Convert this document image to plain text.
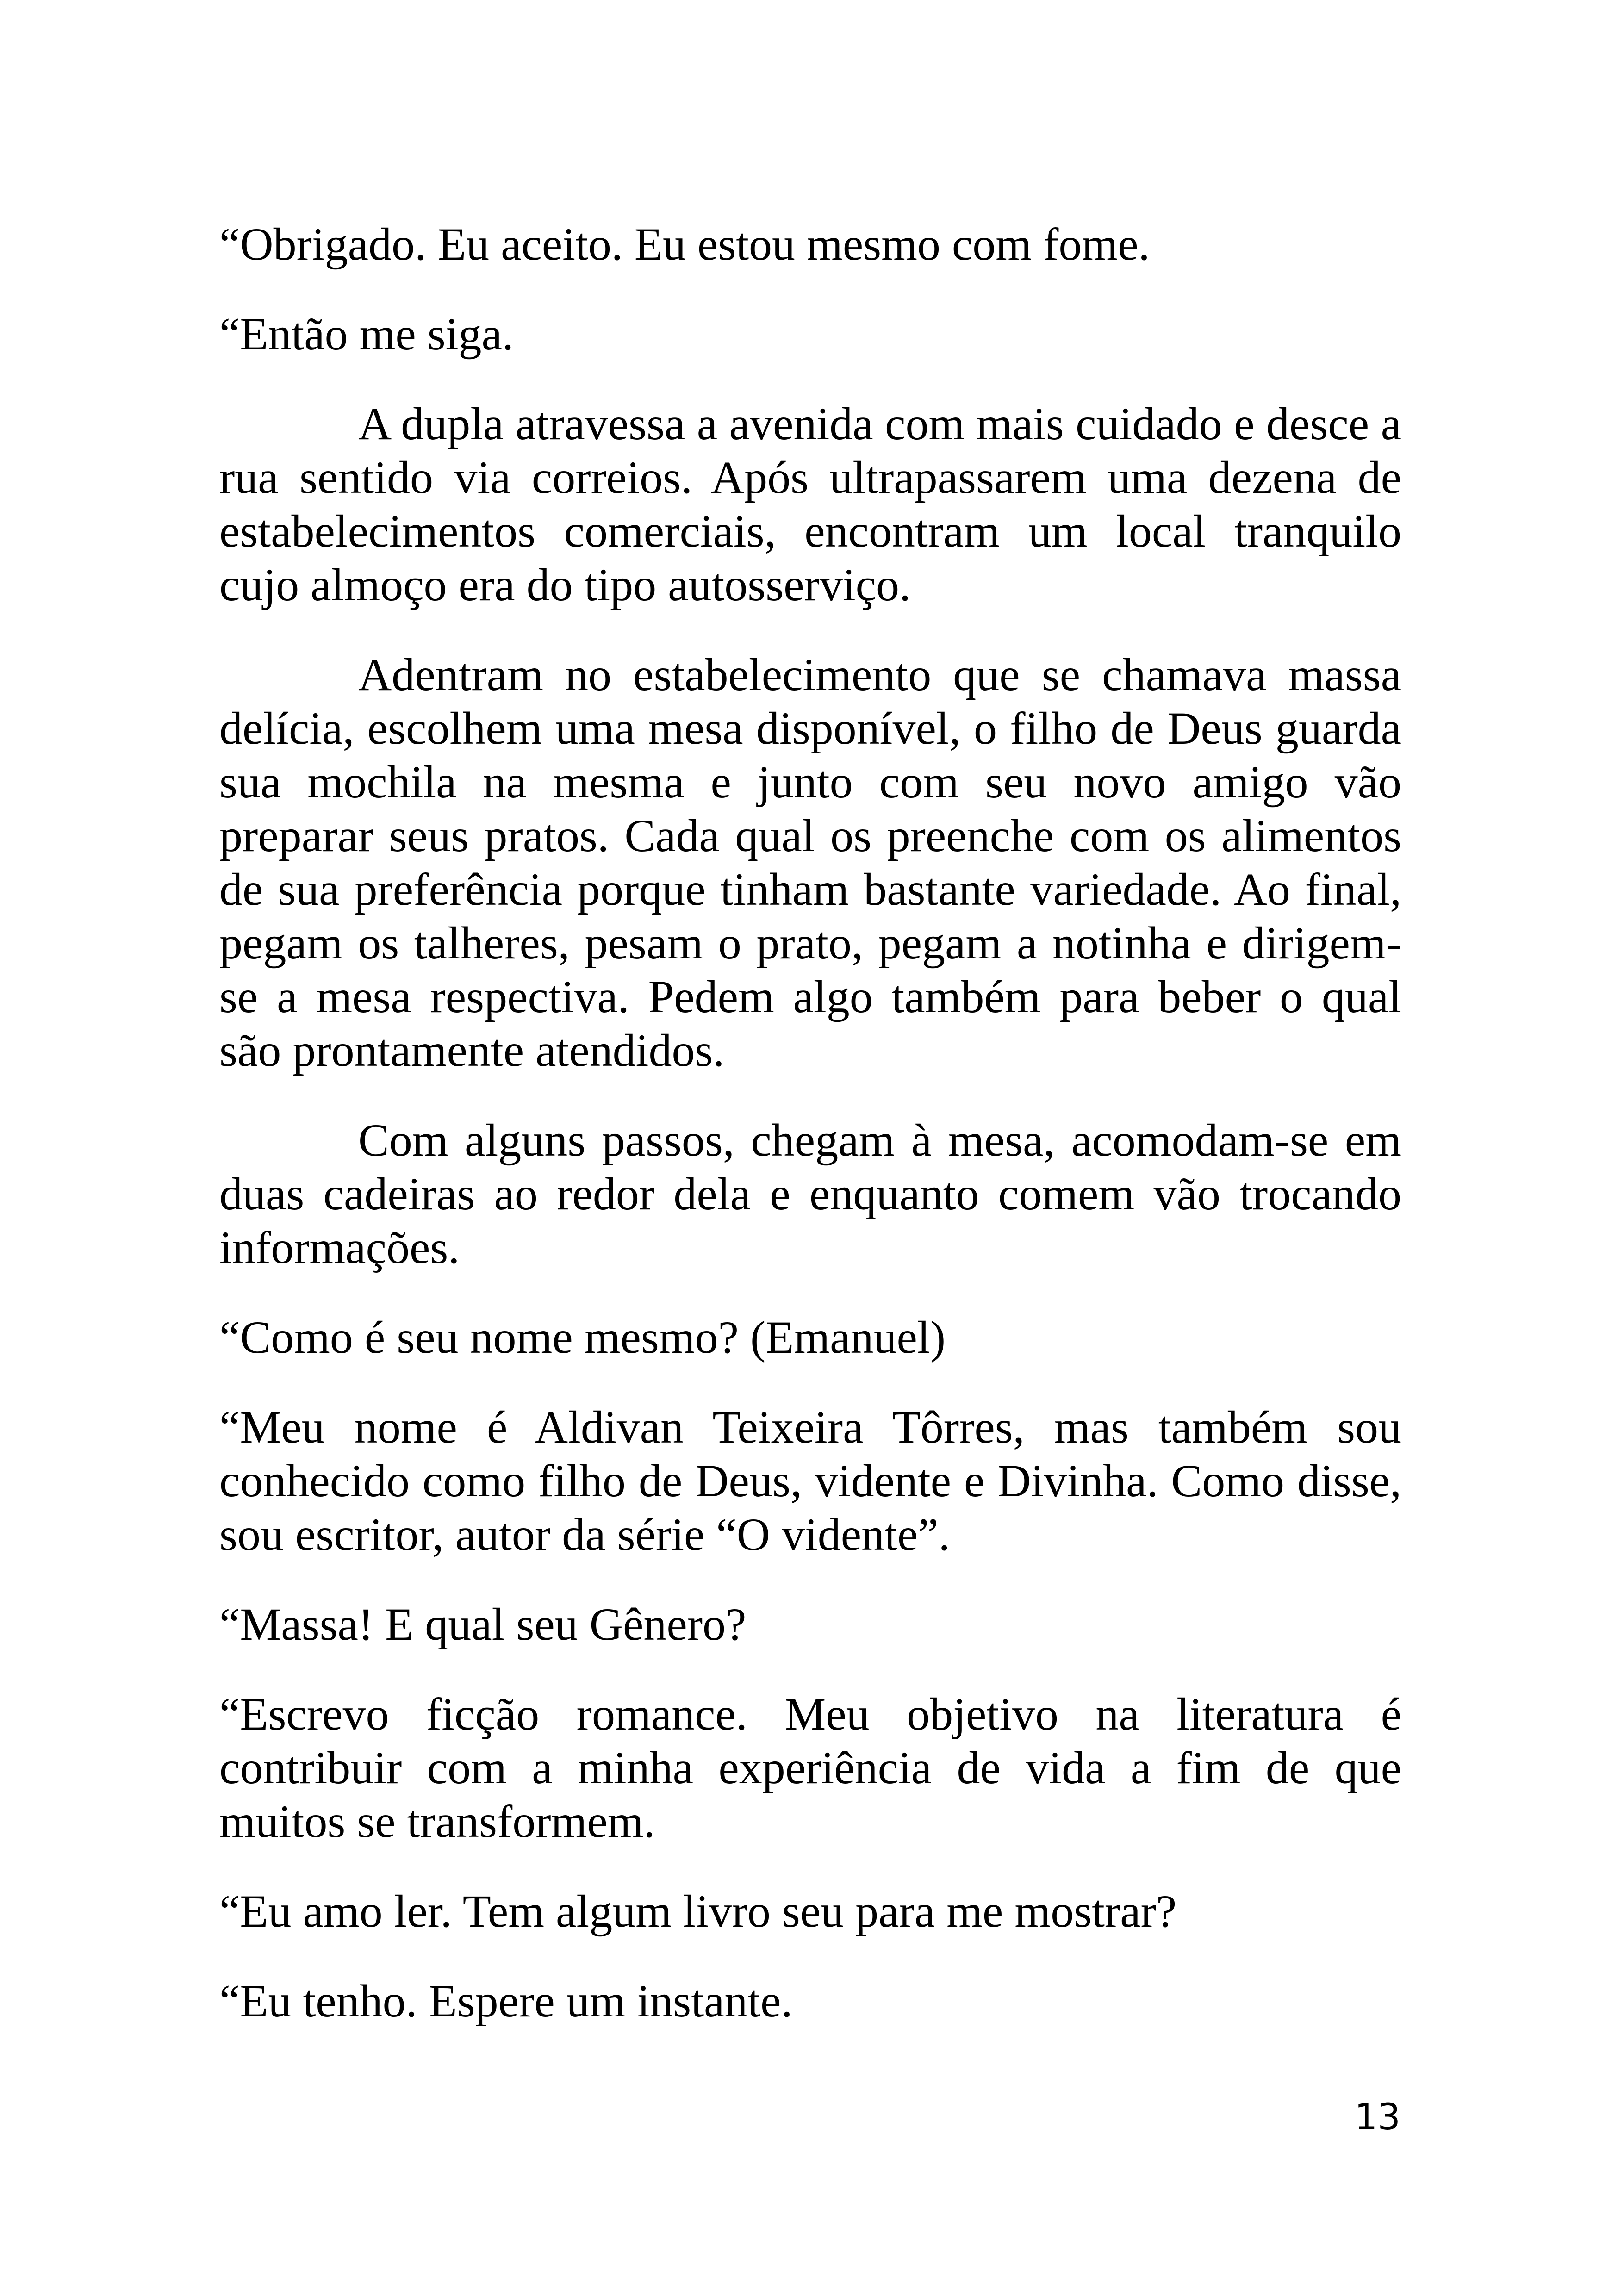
“Obrigado. Eu aceito. Eu estou mesmo com fome.

“Então me siga.

A dupla atravessa a avenida com mais cuidado e desce a rua sentido via correios. Após ultrapassarem uma dezena de estabelecimentos comerciais, encontram um local tranquilo cujo almoço era do tipo autosserviço.

Adentram no estabelecimento que se chamava massa delícia, escolhem uma mesa disponível, o filho de Deus guarda sua mochila na mesma e junto com seu novo amigo vão preparar seus pratos. Cada qual os preenche com os alimentos de sua preferência porque tinham bastante variedade. Ao final, pegam os talheres, pesam o prato, pegam a notinha e dirigem-se a mesa respectiva. Pedem algo também para beber o qual são prontamente atendidos.

Com alguns passos, chegam à mesa, acomodam-se em duas cadeiras ao redor dela e enquanto comem vão trocando informações.

“Como é seu nome mesmo? (Emanuel)

“Meu nome é Aldivan Teixeira Tôrres, mas também sou conhecido como filho de Deus, vidente e Divinha. Como disse, sou escritor, autor da série “O vidente”.

“Massa! E qual seu Gênero?

“Escrevo ficção romance. Meu objetivo na literatura é contribuir com a minha experiência de vida a fim de que muitos se transformem.

“Eu amo ler. Tem algum livro seu para me mostrar?

“Eu tenho. Espere um instante.

13
